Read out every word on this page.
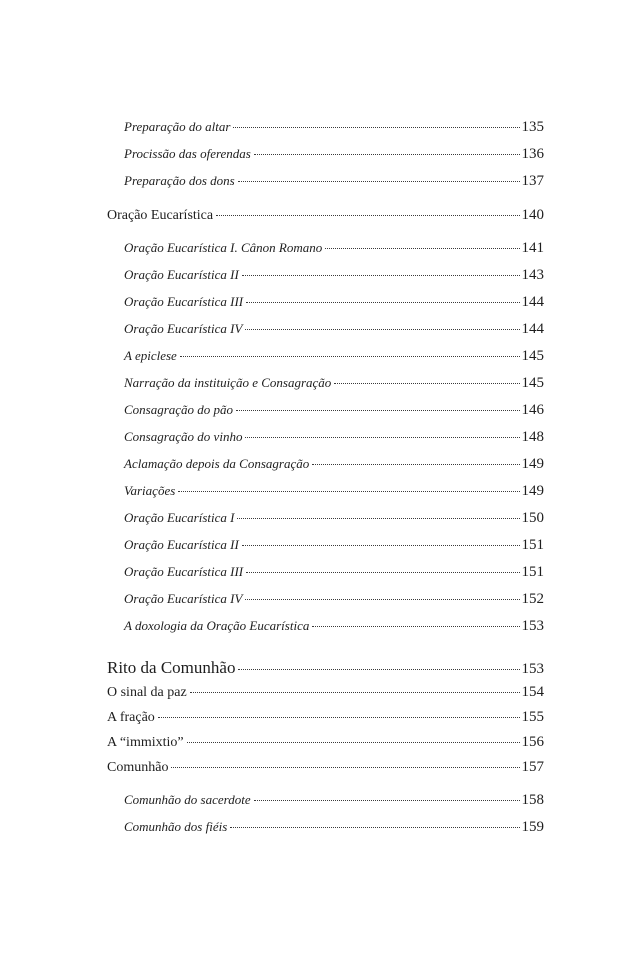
Preparação do altar	135
Procissão das oferendas	136
Preparação dos dons	137
Oração Eucarística	140
Oração Eucarística I. Cânon Romano	141
Oração Eucarística II	143
Oração Eucarística III	144
Oração Eucarística IV	144
A epiclese	145
Narração da instituição e Consagração	145
Consagração do pão	146
Consagração do vinho	148
Aclamação depois da Consagração	149
Variações	149
Oração Eucarística I	150
Oração Eucarística II	151
Oração Eucarística III	151
Oração Eucarística IV	152
A doxologia da Oração Eucarística	153
Rito da Comunhão	153
O sinal da paz	154
A fração	155
A “immixtio”	156
Comunhão	157
Comunhão do sacerdote	158
Comunhão dos fiéis	159
